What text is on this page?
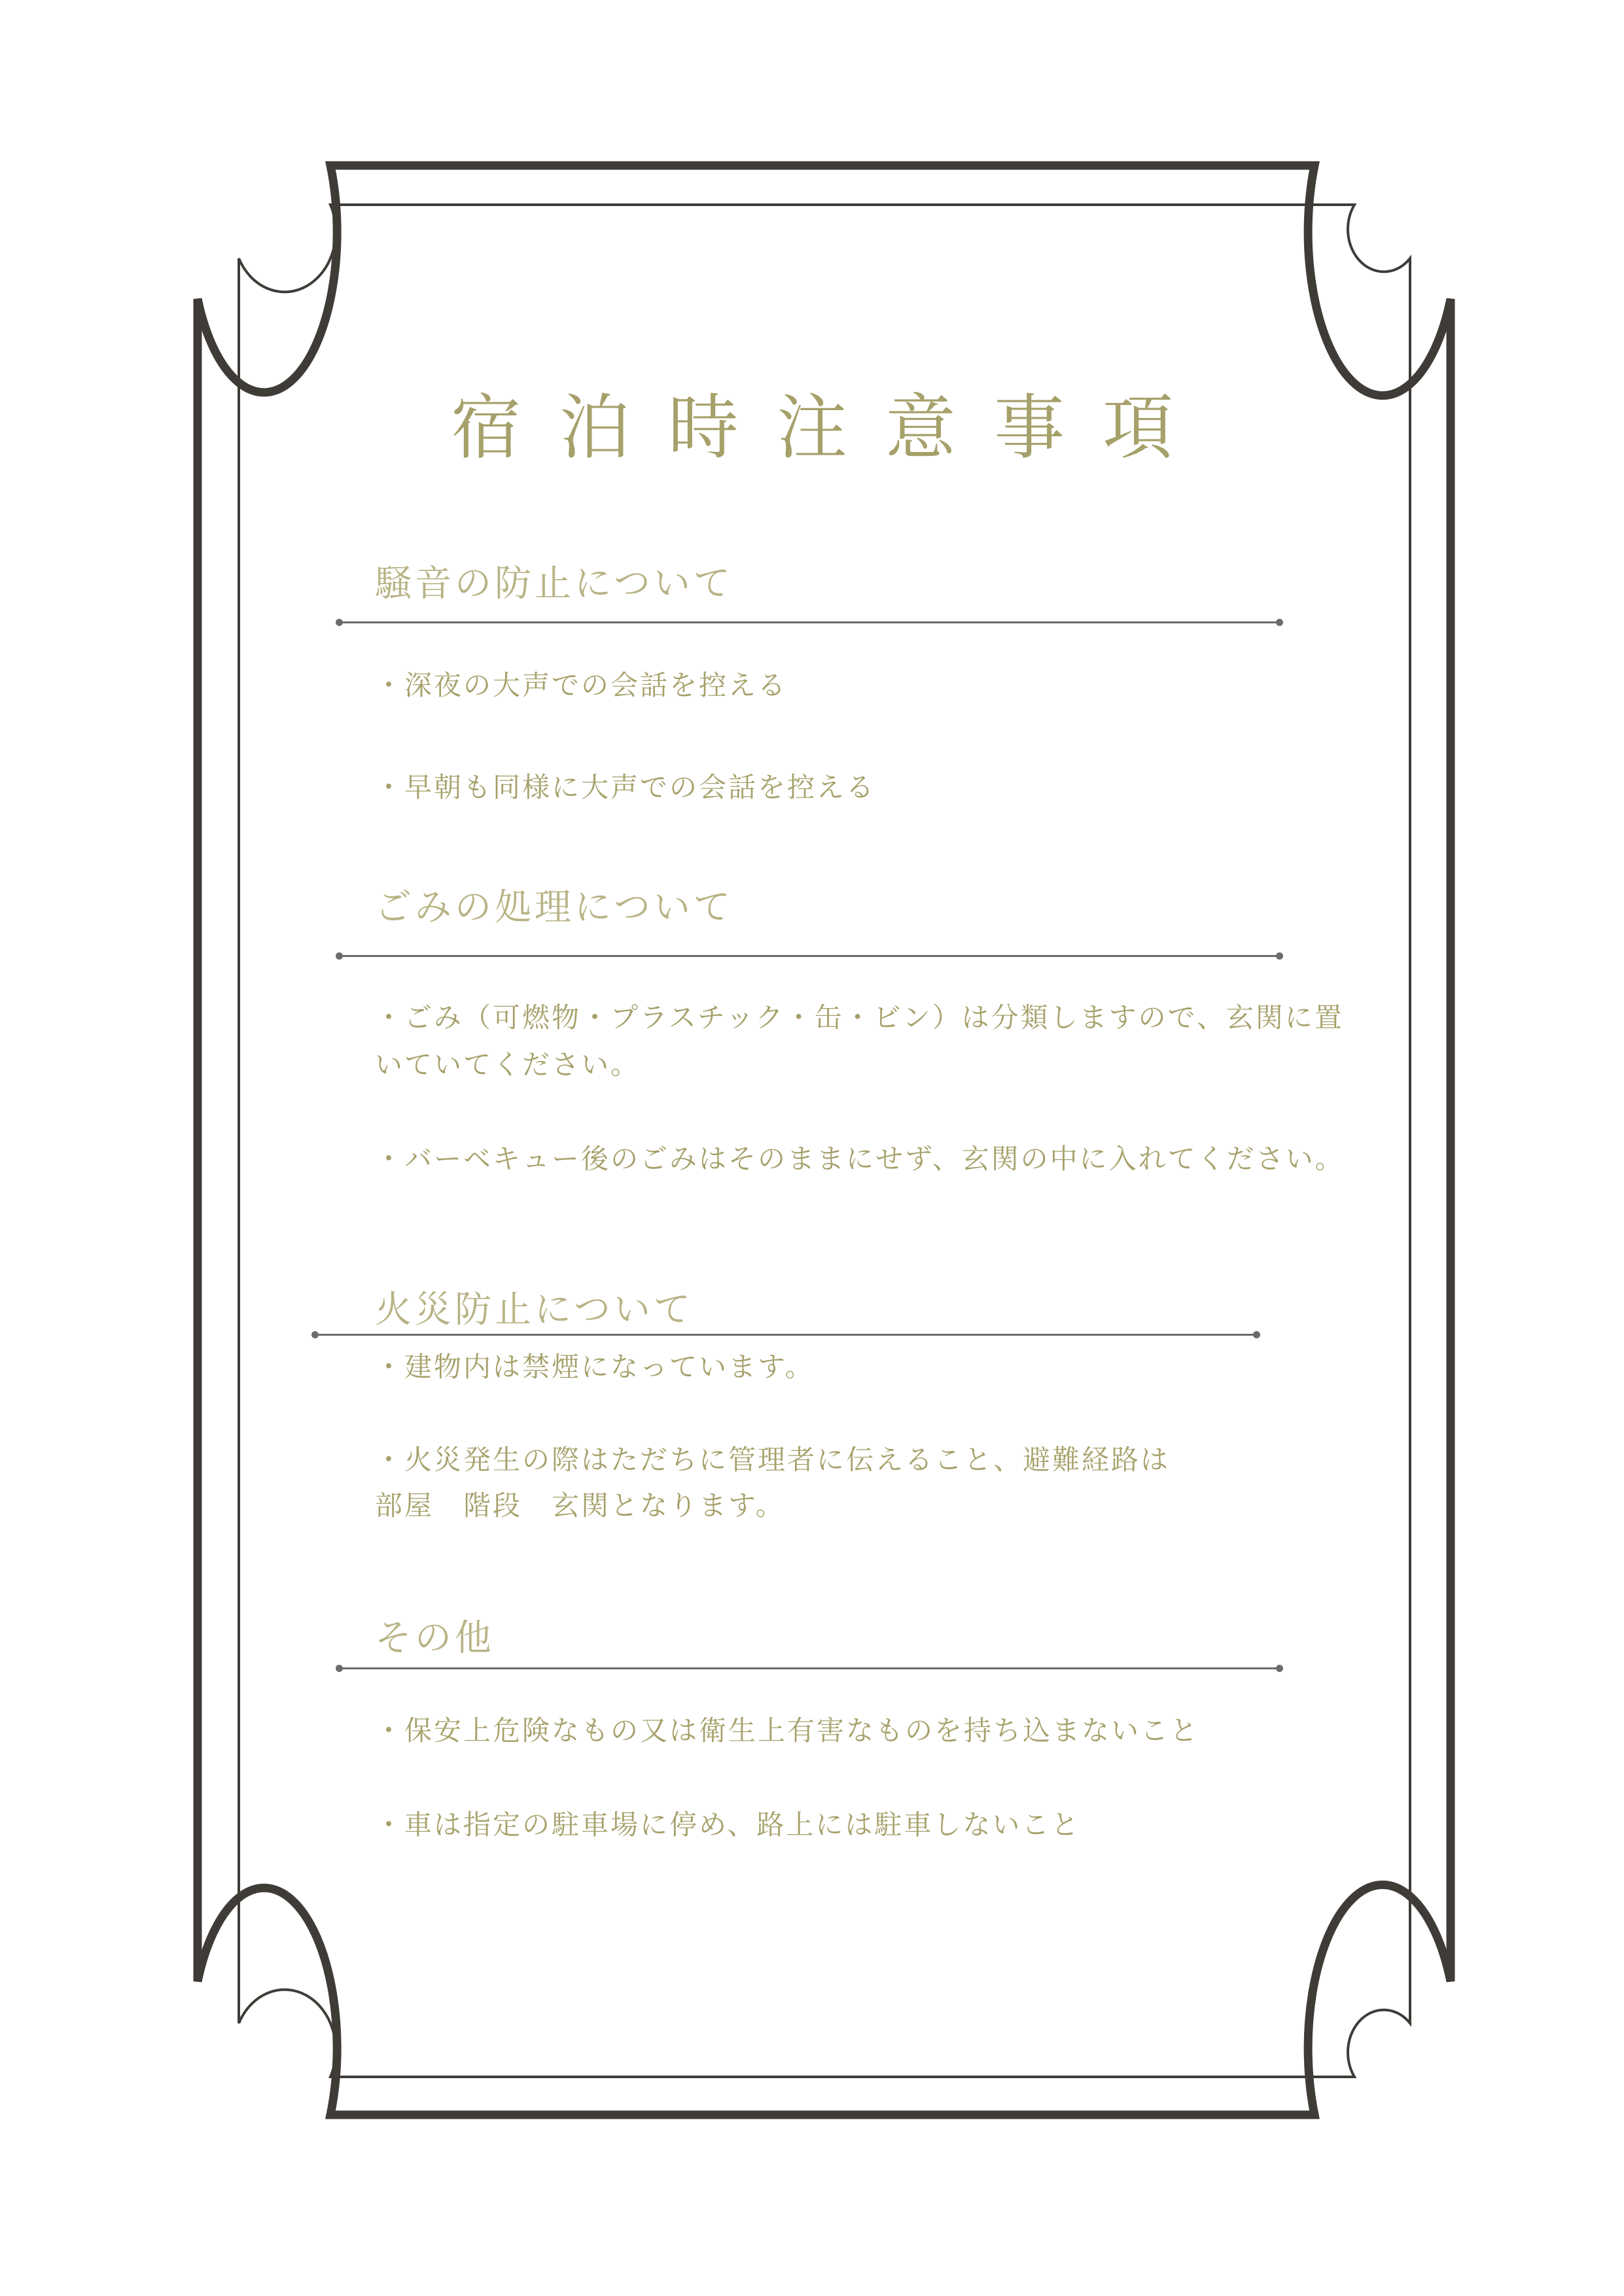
宿泊時注意事項
騒音の防止について
・深夜の大声での会話を控える
・早朝も同様に大声での会話を控える
ごみの処理について
・ごみ（可燃物・プラスチック・缶・ビン）は分類しますので、玄関に置
いていてください。
・バーベキュー後のごみはそのままにせず、玄関の中に入れてください。
火災防止について
・建物内は禁煙になっています。
・火災発生の際はただちに管理者に伝えること、避難経路は
部屋　階段　玄関となります。
その他
・保安上危険なもの又は衛生上有害なものを持ち込まないこと
・車は指定の駐車場に停め、路上には駐車しないこと
